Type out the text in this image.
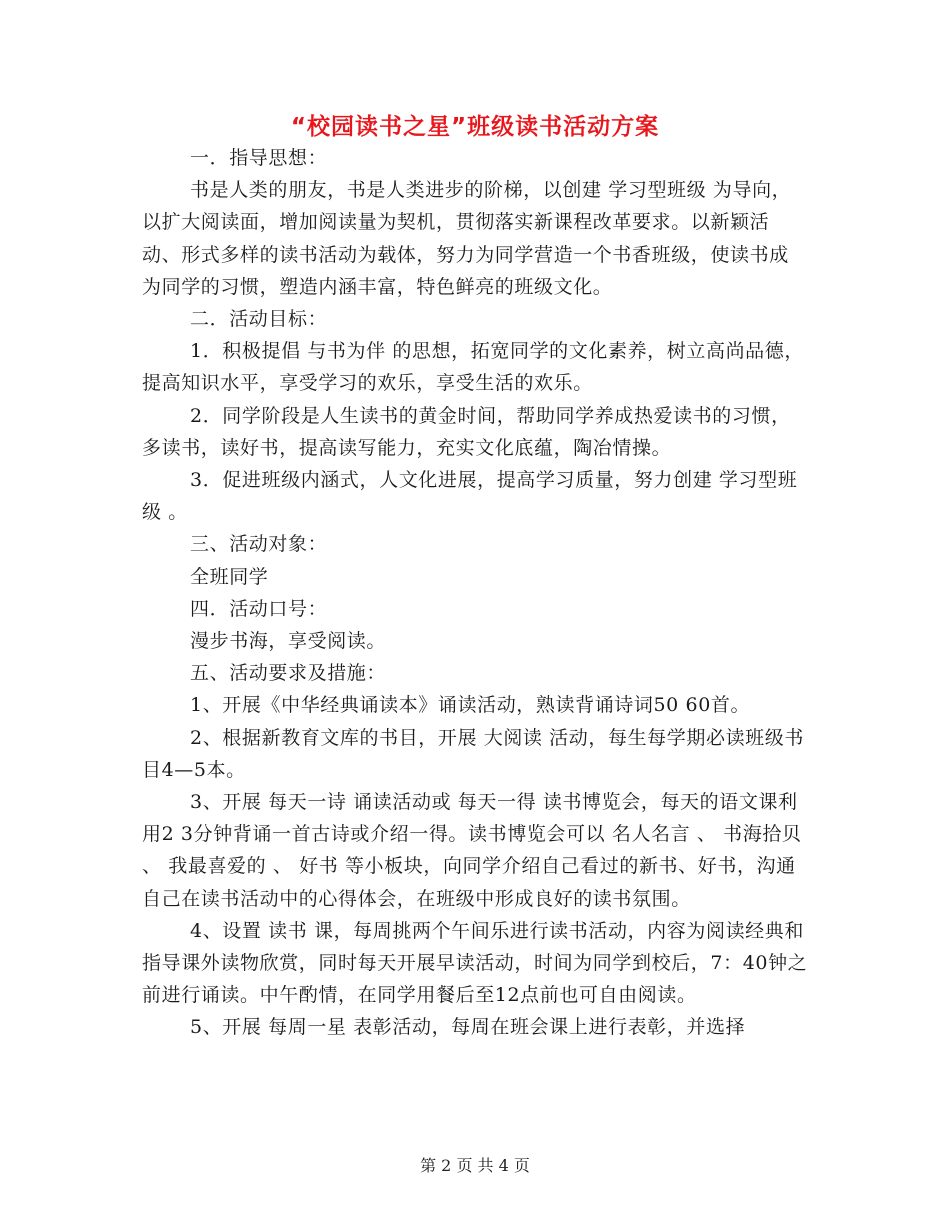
“校园读书之星”班级读书活动方案

一．指导思想：

书是人类的朋友，书是人类进步的阶梯，以创建 学习型班级 为导向，以扩大阅读面，增加阅读量为契机，贯彻落实新课程改革要求。以新颖活动、形式多样的读书活动为载体，努力为同学营造一个书香班级，使读书成为同学的习惯，塑造内涵丰富，特色鲜亮的班级文化。

二．活动目标：

1．积极提倡 与书为伴 的思想，拓宽同学的文化素养，树立高尚品德，提高知识水平，享受学习的欢乐，享受生活的欢乐。

2．同学阶段是人生读书的黄金时间，帮助同学养成热爱读书的习惯，多读书，读好书，提高读写能力，充实文化底蕴，陶冶情操。

3．促进班级内涵式，人文化进展，提高学习质量，努力创建 学习型班级 。

三、活动对象：

全班同学

四．活动口号：

漫步书海，享受阅读。

五、活动要求及措施：

1、开展《中华经典诵读本》诵读活动，熟读背诵诗词50 60首。

2、根据新教育文库的书目，开展 大阅读 活动，每生每学期必读班级书目4—5本。

3、开展 每天一诗 诵读活动或 每天一得 读书博览会，每天的语文课利用2 3分钟背诵一首古诗或介绍一得。读书博览会可以 名人名言 、 书海拾贝 、 我最喜爱的 、 好书 等小板块，向同学介绍自己看过的新书、好书，沟通自己在读书活动中的心得体会，在班级中形成良好的读书氛围。

4、设置 读书 课，每周挑两个午间乐进行读书活动，内容为阅读经典和指导课外读物欣赏，同时每天开展早读活动，时间为同学到校后，7：40钟之前进行诵读。中午酌情，在同学用餐后至12点前也可自由阅读。

5、开展 每周一星 表彰活动，每周在班会课上进行表彰，并选择

第 2 页 共 4 页
